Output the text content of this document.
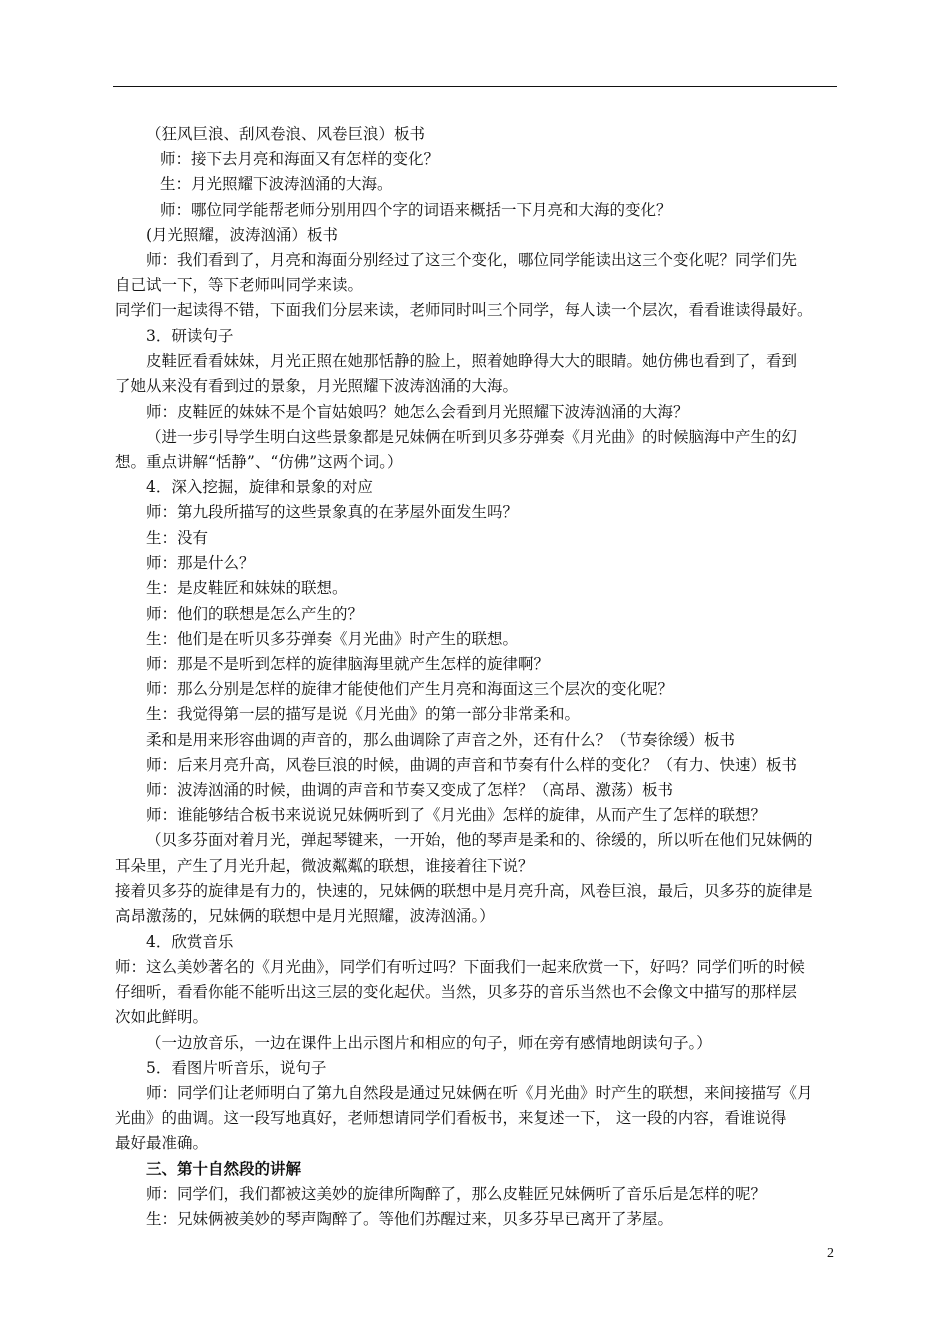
（狂风巨浪、刮风卷浪、风卷巨浪）板书
师：接下去月亮和海面又有怎样的变化？
生：月光照耀下波涛汹涌的大海。
师：哪位同学能帮老师分别用四个字的词语来概括一下月亮和大海的变化？
(月光照耀，波涛汹涌）板书
师：我们看到了，月亮和海面分别经过了这三个变化，哪位同学能读出这三个变化呢？同学们先
自己试一下，等下老师叫同学来读。
同学们一起读得不错，下面我们分层来读，老师同时叫三个同学，每人读一个层次，看看谁读得最好。
3．研读句子
皮鞋匠看看妹妹，月光正照在她那恬静的脸上，照着她睁得大大的眼睛。她仿佛也看到了，看到
了她从来没有看到过的景象，月光照耀下波涛汹涌的大海。
师：皮鞋匠的妹妹不是个盲姑娘吗？她怎么会看到月光照耀下波涛汹涌的大海？
（进一步引导学生明白这些景象都是兄妹俩在听到贝多芬弹奏《月光曲》的时候脑海中产生的幻
想。重点讲解“恬静”、“仿佛”这两个词。）
4．深入挖掘，旋律和景象的对应
师：第九段所描写的这些景象真的在茅屋外面发生吗？
生：没有
师：那是什么？
生：是皮鞋匠和妹妹的联想。
师：他们的联想是怎么产生的？
生：他们是在听贝多芬弹奏《月光曲》时产生的联想。
师：那是不是听到怎样的旋律脑海里就产生怎样的旋律啊？
师：那么分别是怎样的旋律才能使他们产生月亮和海面这三个层次的变化呢？
生：我觉得第一层的描写是说《月光曲》的第一部分非常柔和。
柔和是用来形容曲调的声音的，那么曲调除了声音之外，还有什么？（节奏徐缓）板书
师：后来月亮升高，风卷巨浪的时候，曲调的声音和节奏有什么样的变化？（有力、快速）板书
师：波涛汹涌的时候，曲调的声音和节奏又变成了怎样？（高昂、激荡）板书
师：谁能够结合板书来说说兄妹俩听到了《月光曲》怎样的旋律，从而产生了怎样的联想？
（贝多芬面对着月光，弹起琴键来，一开始，他的琴声是柔和的、徐缓的，所以听在他们兄妹俩的
耳朵里，产生了月光升起，微波粼粼的联想，谁接着往下说？
接着贝多芬的旋律是有力的，快速的，兄妹俩的联想中是月亮升高，风卷巨浪，最后，贝多芬的旋律是
高昂激荡的，兄妹俩的联想中是月光照耀，波涛汹涌。）
4．欣赏音乐
师：这么美妙著名的《月光曲》，同学们有听过吗？下面我们一起来欣赏一下，好吗？同学们听的时候
仔细听，看看你能不能听出这三层的变化起伏。当然，贝多芬的音乐当然也不会像文中描写的那样层
次如此鲜明。
（一边放音乐，一边在课件上出示图片和相应的句子，师在旁有感情地朗读句子。）
5．看图片听音乐，说句子
师：同学们让老师明白了第九自然段是通过兄妹俩在听《月光曲》时产生的联想，来间接描写《月
光曲》的曲调。这一段写地真好，老师想请同学们看板书，来复述一下， 这一段的内容，看谁说得
最好最准确。
三、第十自然段的讲解
师：同学们，我们都被这美妙的旋律所陶醉了，那么皮鞋匠兄妹俩听了音乐后是怎样的呢？
生：兄妹俩被美妙的琴声陶醉了。等他们苏醒过来，贝多芬早已离开了茅屋。
2
